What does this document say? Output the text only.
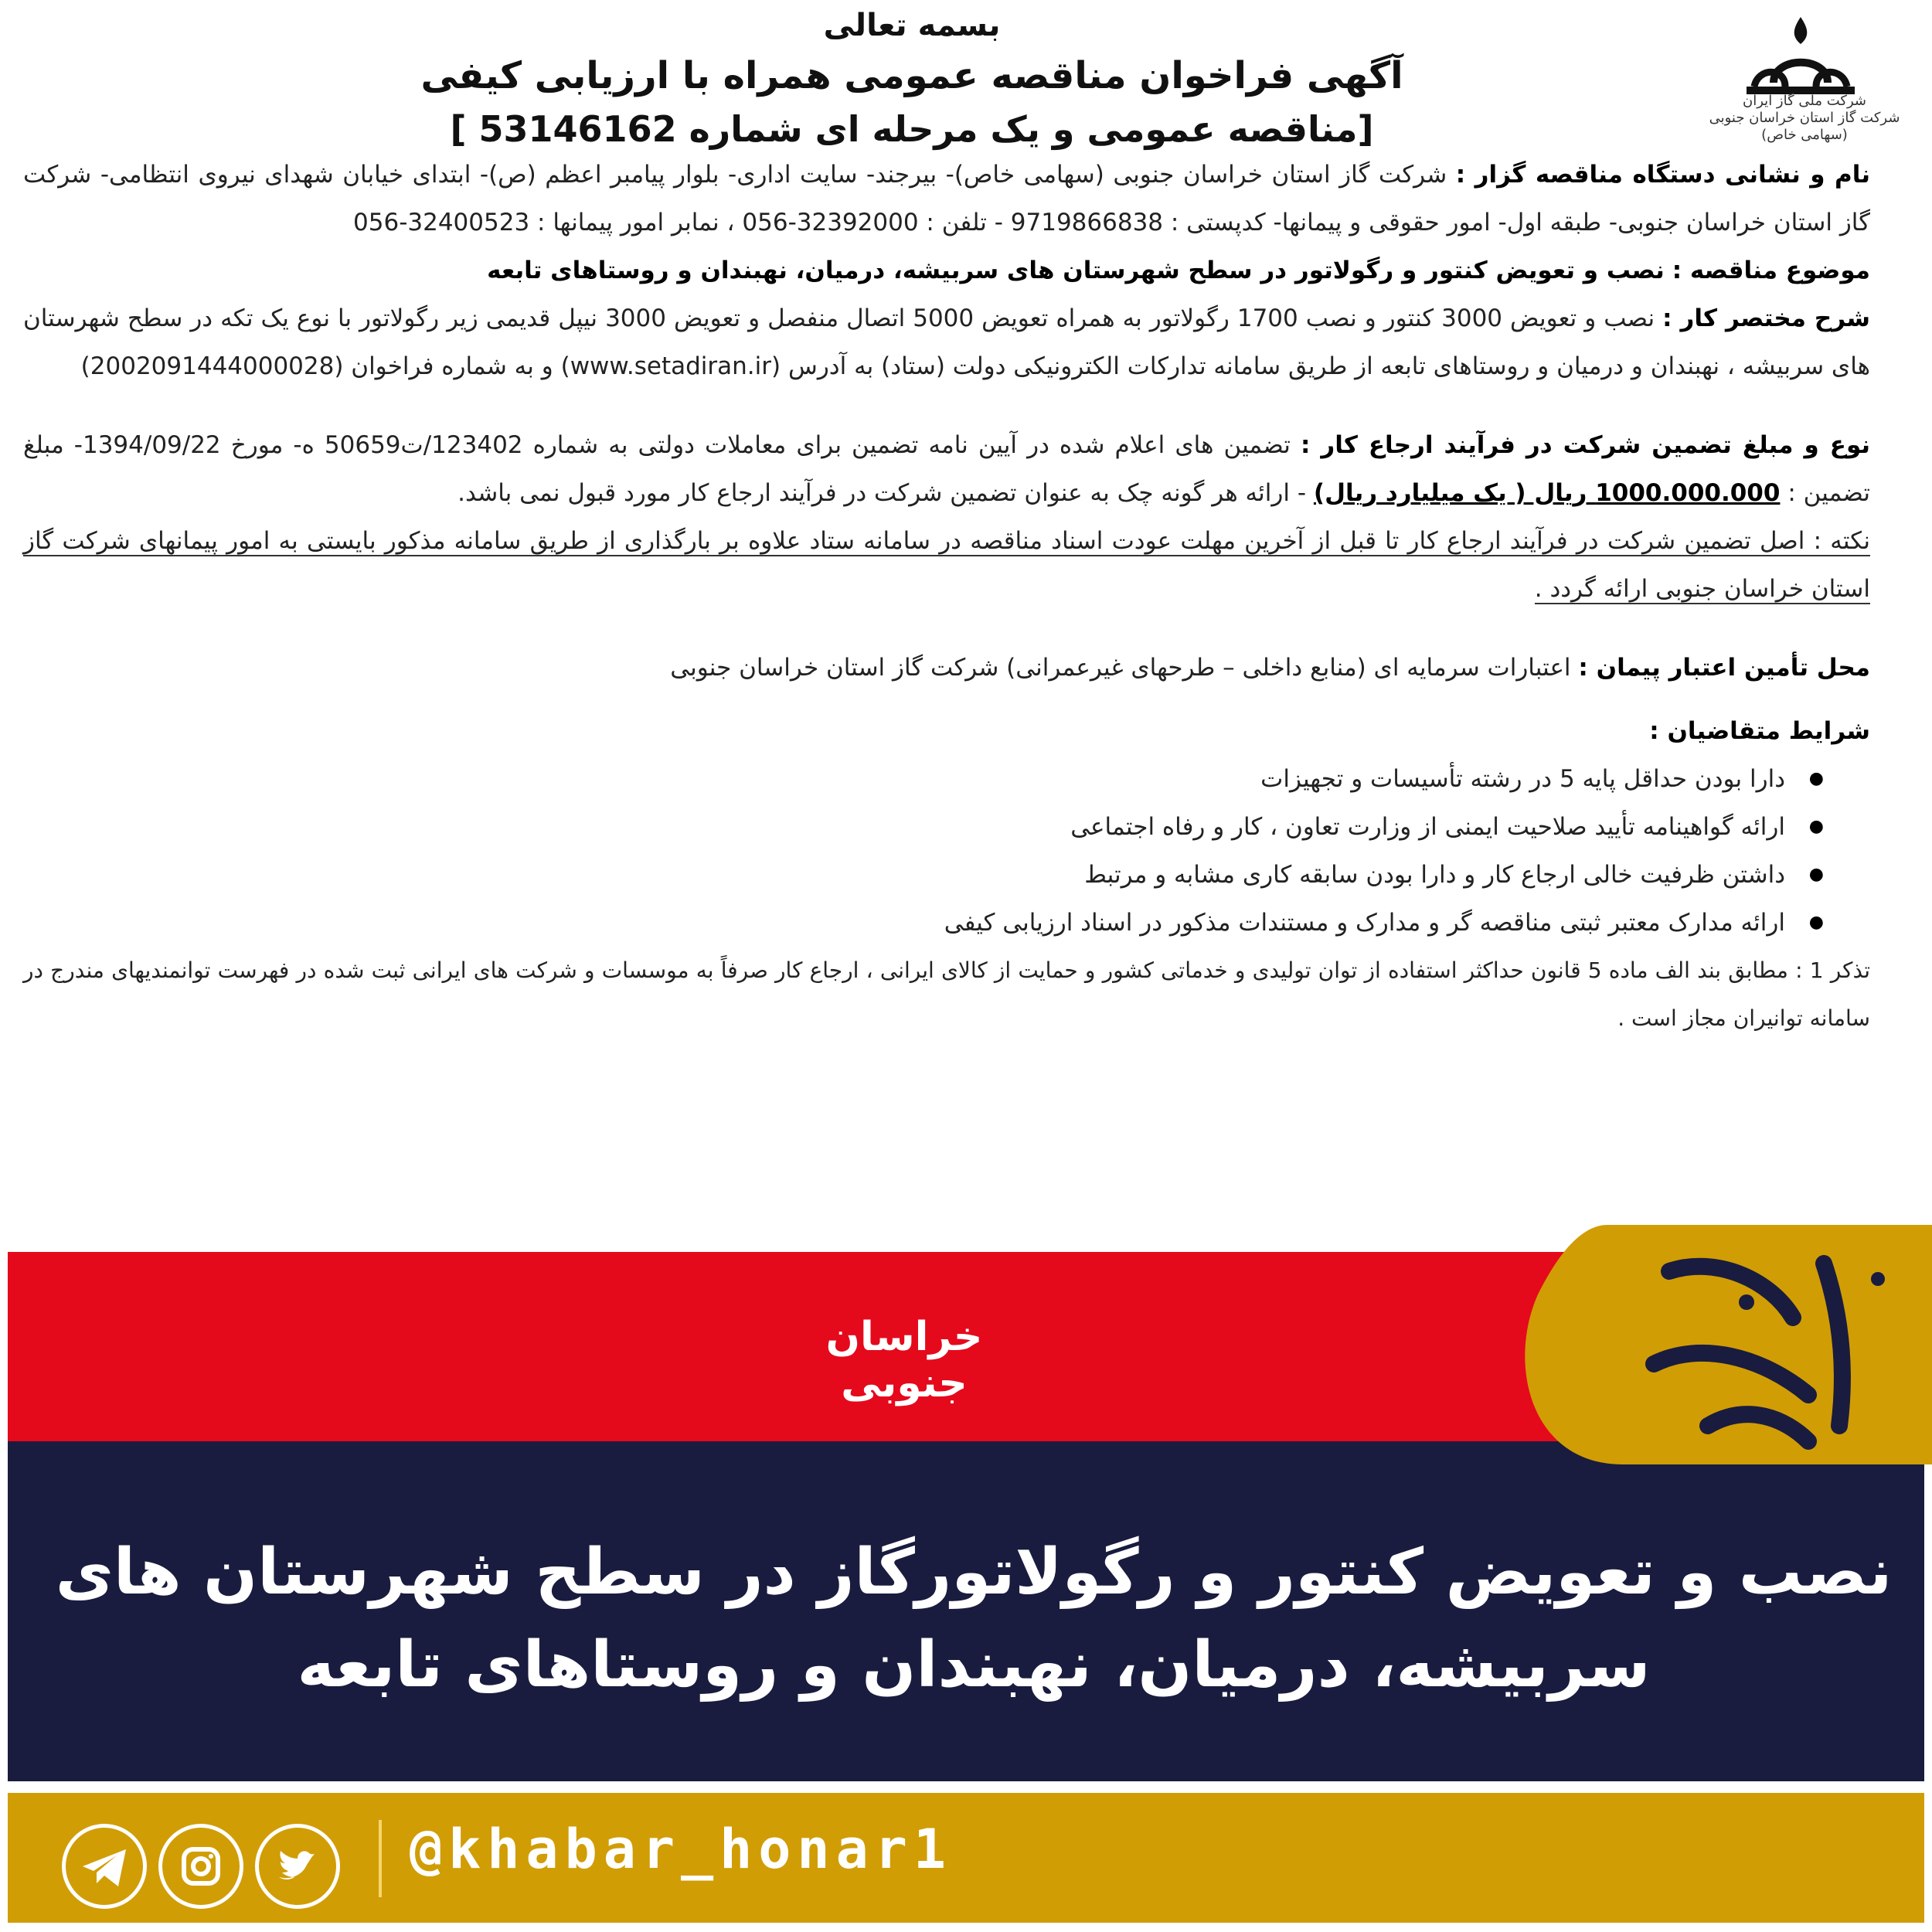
بسمه تعالی
آگهی فراخوان مناقصه عمومی همراه با ارزیابی کیفی
[مناقصه عمومی و یک مرحله ای شماره 53146162 ]
شرکت ملی گاز ایران
شرکت گاز استان خراسان جنوبی (سهامی خاص)

نام و نشانی دستگاه مناقصه گزار : شرکت گاز استان خراسان جنوبی (سهامی خاص)- بیرجند- سایت اداری- بلوار پیامبر اعظم (ص)- ابتدای خیابان شهدای نیروی انتظامی- شرکت گاز استان خراسان جنوبی- طبقه اول- امور حقوقی و پیمانها- کدپستی : 9719866838 - تلفن : 32392000-056 ، نمابر امور پیمانها : 32400523-056

موضوع مناقصه : نصب و تعویض کنتور و رگولاتور در سطح شهرستان های سربیشه، درمیان، نهبندان و روستاهای تابعه

شرح مختصر کار : نصب و تعویض 3000 کنتور و نصب 1700 رگولاتور به همراه تعویض 5000 اتصال منفصل و تعویض 3000 نیپل قدیمی زیر رگولاتور با نوع یک تکه در سطح شهرستان های سربیشه ، نهبندان و درمیان و روستاهای تابعه از طریق سامانه تدارکات الکترونیکی دولت (ستاد) به آدرس (www.setadiran.ir) و به شماره فراخوان (2002091444000028)

نوع و مبلغ تضمین شرکت در فرآیند ارجاع کار : تضمین های اعلام شده در آیین نامه تضمین برای معاملات دولتی به شماره 123402/ت50659 ه- مورخ 1394/09/22- مبلغ تضمین : 1000.000.000 ریال ( یک میلیارد ریال) - ارائه هر گونه چک به عنوان تضمین شرکت در فرآیند ارجاع کار مورد قبول نمی باشد.

نکته : اصل تضمین شرکت در فرآیند ارجاع کار تا قبل از آخرین مهلت عودت اسناد مناقصه در سامانه ستاد علاوه بر بارگذاری از طریق سامانه مذکور بایستی به امور پیمانهای شرکت گاز استان خراسان جنوبی ارائه گردد .

محل تأمین اعتبار پیمان : اعتبارات سرمایه ای (منابع داخلی – طرحهای غیرعمرانی) شرکت گاز استان خراسان جنوبی

شرایط متقاضیان :

● دارا بودن حداقل پایه 5 در رشته تأسیسات و تجهیزات
● ارائه گواهینامه تأیید صلاحیت ایمنی از وزارت تعاون ، کار و رفاه اجتماعی
● داشتن ظرفیت خالی ارجاع کار و دارا بودن سابقه کاری مشابه و مرتبط
● ارائه مدارک معتبر ثبتی مناقصه گر و مدارک و مستندات مذکور در اسناد ارزیابی کیفی

تذکر 1 : مطابق بند الف ماده 5 قانون حداکثر استفاده از توان تولیدی و خدماتی کشور و حمایت از کالای ایرانی ، ارجاع کار صرفاً به موسسات و شرکت های ایرانی ثبت شده در فهرست توانمندیهای مندرج در سامانه توانیران مجاز است .

خراسان جنوبی
نصب و تعویض کنتور و رگولاتورگاز در سطح شهرستان های سربیشه، درمیان، نهبندان و روستاهای تابعه
@khabar_honar1
